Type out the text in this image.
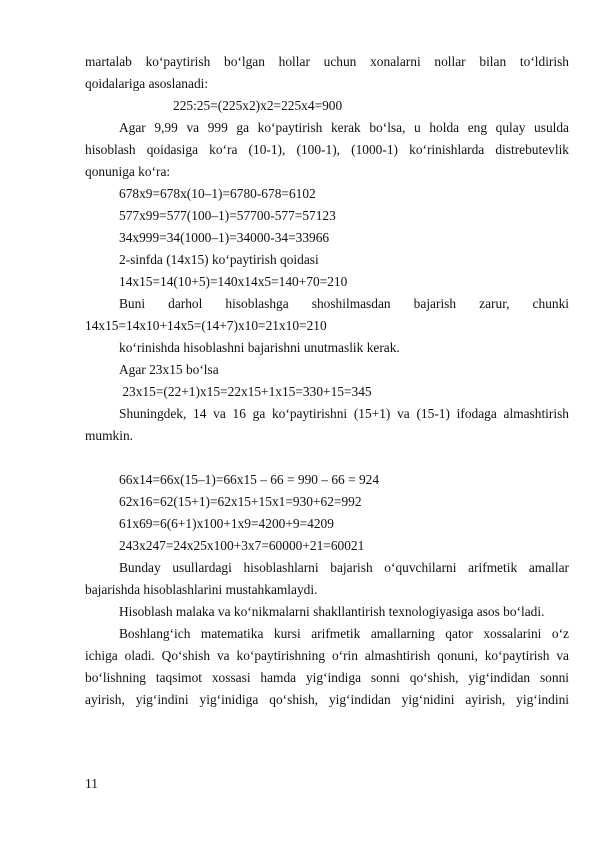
martalab ko‘paytirish bo‘lgan hollar uchun xonalarni nollar bilan to‘ldirish
qoidalariga asoslanadi:
225:25=(225x2)x2=225x4=900
Agar 9,99 va 999 ga ko‘paytirish kerak bo‘lsa, u holda eng qulay usulda
hisoblash qoidasiga ko‘ra (10-1), (100-1), (1000-1) ko‘rinishlarda distrebutevlik
qonuniga ko‘ra:
678x9=678x(10–1)=6780-678=6102
577x99=577(100–1)=57700-577=57123
34x999=34(1000–1)=34000-34=33966
2-sinfda (14x15) ko‘paytirish qoidasi
14x15=14(10+5)=140x14x5=140+70=210
Buni darhol hisoblashga shoshilmasdan bajarish zarur, chunki
14x15=14x10+14x5=(14+7)x10=21x10=210
ko‘rinishda hisoblashni bajarishni unutmaslik kerak.
Agar 23x15 bo‘lsa
23x15=(22+1)x15=22x15+1x15=330+15=345
Shuningdek, 14 va 16 ga ko‘paytirishni (15+1) va (15-1) ifodaga almashtirish
mumkin.
66x14=66x(15–1)=66x15 – 66 = 990 – 66 = 924
62x16=62(15+1)=62x15+15x1=930+62=992
61x69=6(6+1)x100+1x9=4200+9=4209
243x247=24x25x100+3x7=60000+21=60021
Bunday usullardagi hisoblashlarni bajarish o‘quvchilarni arifmetik amallar
bajarishda hisoblashlarini mustahkamlaydi.
Hisoblash malaka va ko‘nikmalarni shakllantirish texnologiyasiga asos bo‘ladi.
Boshlang‘ich matematika kursi arifmetik amallarning qator xossalarini o‘z
ichiga oladi. Qo‘shish va ko‘paytirishning o‘rin almashtirish qonuni, ko‘paytirish va
bo‘lishning taqsimot xossasi hamda yig‘indiga sonni qo‘shish, yig‘indidan sonni
ayirish, yig‘indini yig‘inidiga qo‘shish, yig‘indidan yig‘nidini ayirish, yig‘indini
11
